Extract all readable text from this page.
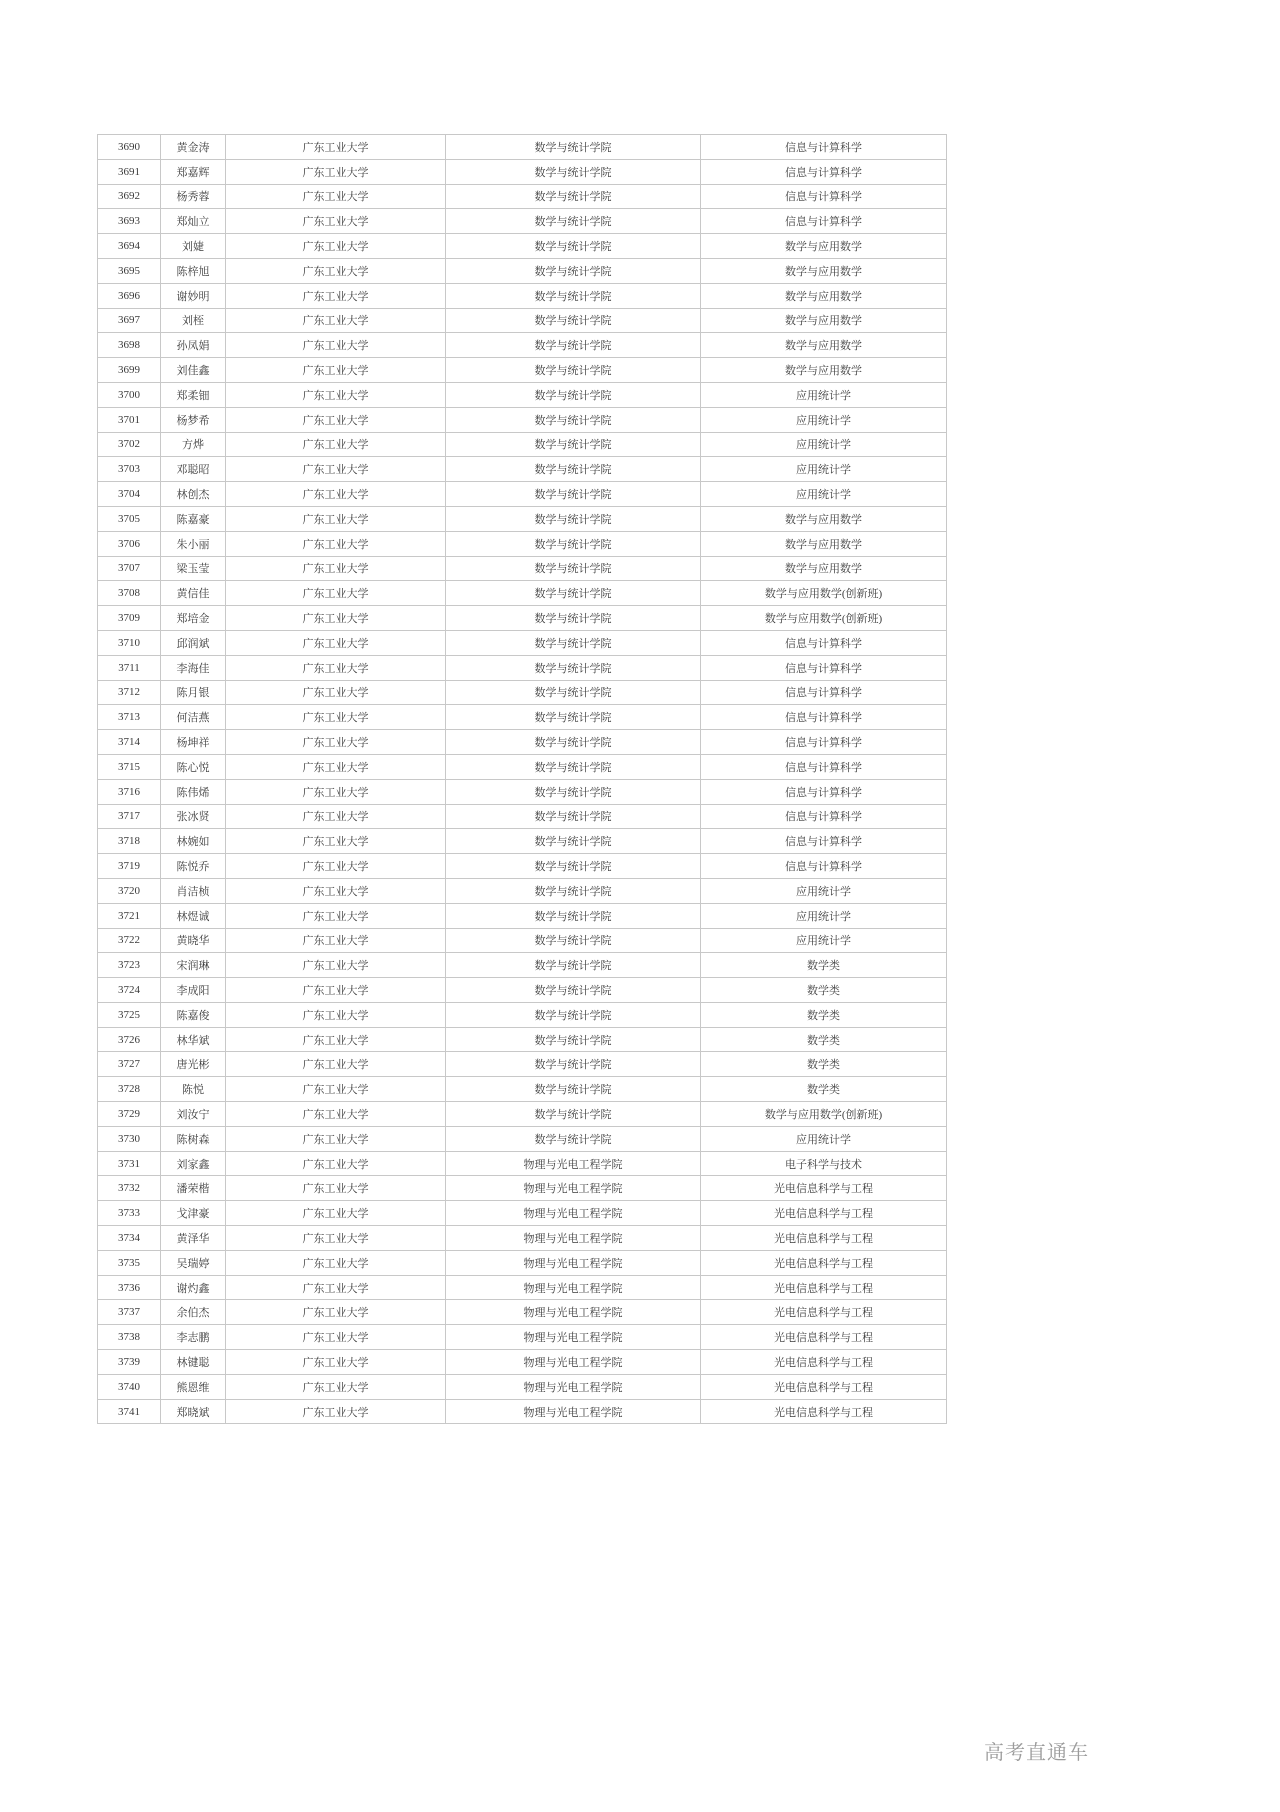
3690	黄金涛	广东工业大学	数学与统计学院	信息与计算科学
3691	郑嘉辉	广东工业大学	数学与统计学院	信息与计算科学
3692	杨秀蓉	广东工业大学	数学与统计学院	信息与计算科学
3693	郑灿立	广东工业大学	数学与统计学院	信息与计算科学
3694	刘婕	广东工业大学	数学与统计学院	数学与应用数学
3695	陈梓旭	广东工业大学	数学与统计学院	数学与应用数学
3696	谢妙明	广东工业大学	数学与统计学院	数学与应用数学
3697	刘桎	广东工业大学	数学与统计学院	数学与应用数学
3698	孙凤娟	广东工业大学	数学与统计学院	数学与应用数学
3699	刘佳鑫	广东工业大学	数学与统计学院	数学与应用数学
3700	郑柔钿	广东工业大学	数学与统计学院	应用统计学
3701	杨梦希	广东工业大学	数学与统计学院	应用统计学
3702	方烨	广东工业大学	数学与统计学院	应用统计学
3703	邓聪昭	广东工业大学	数学与统计学院	应用统计学
3704	林创杰	广东工业大学	数学与统计学院	应用统计学
3705	陈嘉豪	广东工业大学	数学与统计学院	数学与应用数学
3706	朱小丽	广东工业大学	数学与统计学院	数学与应用数学
3707	梁玉莹	广东工业大学	数学与统计学院	数学与应用数学
3708	黄信佳	广东工业大学	数学与统计学院	数学与应用数学(创新班)
3709	郑培金	广东工业大学	数学与统计学院	数学与应用数学(创新班)
3710	邱润斌	广东工业大学	数学与统计学院	信息与计算科学
3711	李海佳	广东工业大学	数学与统计学院	信息与计算科学
3712	陈月银	广东工业大学	数学与统计学院	信息与计算科学
3713	何洁燕	广东工业大学	数学与统计学院	信息与计算科学
3714	杨坤祥	广东工业大学	数学与统计学院	信息与计算科学
3715	陈心悦	广东工业大学	数学与统计学院	信息与计算科学
3716	陈伟烯	广东工业大学	数学与统计学院	信息与计算科学
3717	张冰贤	广东工业大学	数学与统计学院	信息与计算科学
3718	林婉如	广东工业大学	数学与统计学院	信息与计算科学
3719	陈悦乔	广东工业大学	数学与统计学院	信息与计算科学
3720	肖洁桢	广东工业大学	数学与统计学院	应用统计学
3721	林煜诚	广东工业大学	数学与统计学院	应用统计学
3722	黄晓华	广东工业大学	数学与统计学院	应用统计学
3723	宋润琳	广东工业大学	数学与统计学院	数学类
3724	李成阳	广东工业大学	数学与统计学院	数学类
3725	陈嘉俊	广东工业大学	数学与统计学院	数学类
3726	林华斌	广东工业大学	数学与统计学院	数学类
3727	唐光彬	广东工业大学	数学与统计学院	数学类
3728	陈悦	广东工业大学	数学与统计学院	数学类
3729	刘汝宁	广东工业大学	数学与统计学院	数学与应用数学(创新班)
3730	陈树森	广东工业大学	数学与统计学院	应用统计学
3731	刘家鑫	广东工业大学	物理与光电工程学院	电子科学与技术
3732	潘荣楷	广东工业大学	物理与光电工程学院	光电信息科学与工程
3733	戈津豪	广东工业大学	物理与光电工程学院	光电信息科学与工程
3734	黄泽华	广东工业大学	物理与光电工程学院	光电信息科学与工程
3735	吴瑞婷	广东工业大学	物理与光电工程学院	光电信息科学与工程
3736	谢灼鑫	广东工业大学	物理与光电工程学院	光电信息科学与工程
3737	余伯杰	广东工业大学	物理与光电工程学院	光电信息科学与工程
3738	李志鹏	广东工业大学	物理与光电工程学院	光电信息科学与工程
3739	林键聪	广东工业大学	物理与光电工程学院	光电信息科学与工程
3740	熊恩维	广东工业大学	物理与光电工程学院	光电信息科学与工程
3741	郑晓斌	广东工业大学	物理与光电工程学院	光电信息科学与工程
高考直通车
